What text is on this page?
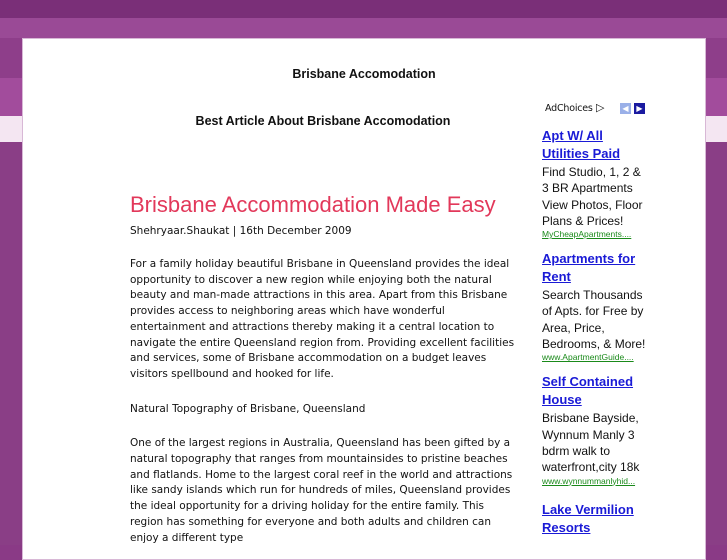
Brisbane Accomodation
Best Article About Brisbane Accomodation
Brisbane Accommodation Made Easy
Shehryaar.Shaukat | 16th December 2009

For a family holiday beautiful Brisbane in Queensland provides the ideal opportunity to discover a new region while enjoying both the natural beauty and man-made attractions in this area. Apart from this Brisbane provides access to neighboring areas which have wonderful entertainment and attractions thereby making it a central location to navigate the entire Queensland region from. Providing excellent facilities and services, some of Brisbane accommodation on a budget leaves visitors spellbound and hooked for life.

Natural Topography of Brisbane, Queensland

One of the largest regions in Australia, Queensland has been gifted by a natural topography that ranges from mountainsides to pristine beaches and flatlands. Home to the largest coral reef in the world and attractions like sandy islands which run for hundreds of miles, Queensland provides the ideal opportunity for a driving holiday for the entire family. This region has something for everyone and both adults and children can enjoy a different type

AdChoices ▷	◀ ▶
Apt W/ All Utilities Paid
Find Studio, 1, 2 & 3 BR Apartments View Photos, Floor Plans & Prices!
MyCheapApartments....
Apartments for Rent
Search Thousands of Apts. for Free by Area, Price, Bedrooms, & More!
www.ApartmentGuide....
Self Contained House
Brisbane Bayside, Wynnum Manly 3 bdrm walk to waterfront,city 18k
www.wynnummanlyhid...
Lake Vermilion Resorts
